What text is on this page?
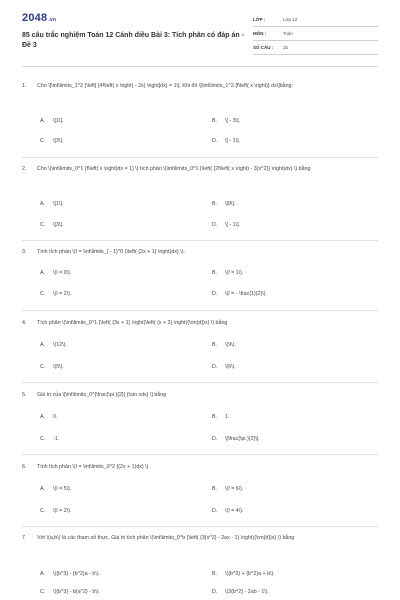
2048.vn
85 câu trắc nghiệm Toán 12 Cánh diều Bài 3: Tích phân có đáp án - Đề 3
LỚP :	Lớp 12
MÔN :	Toán
SỐ CÂU :	25
1.	Cho \[\int\limits_1^2 {\left[ {4f\left( x \right) - 2x} \right]dx} = 1\]. Khi đó \[\int\limits_1^2 {f\left( x \right)} dx\]bằng:
A.	\[1\].	B.	\[ - 3\].
C.	\[3\].	D.	\[ - 1\].
2.	Cho \(\int\limits_0^1 {f\left( x \right)dx = 1} \) tích phân \(\int\limits_0^1 {\left( {2f\left( x \right) - 3{x^2}} \right)dx} \) bằng
A.	\[1\].	B.	\[0\].
C.	\[3\].	D.	\[ - 1\].
3.	Tính tích phân \(I = \int\limits_{ - 1}^0 {\left( {2x + 1} \right)dx} \).
A.	\(I = 0\).	B.	\(I = 1\).
C.	\(I = 2\).	D.	\(I = - \frac{1}{2}\).
4.	Tích phân \(\int\limits_0^1 {\left( {3x + 1} \right)\left( {x + 3} \right){\rm{d}}x} \) bằng
A.	\(12\).	B.	\(9\).
C.	\(5\).	D.	\(6\).
5.	Giá trị của \[\int\limits_0^{\frac{\pi }{2}} {\sin xdx} \] bằng
A.	0.	B.	1.
C.	-1.	D.	\[\frac{\pi }{2}\].
6.	Tính tích phân \(I = \int\limits_0^2 {(2x + 1)dx} \)
A.	\(I = 5\).	B.	\(I = 6\).
C.	\(I = 2\).	D.	\(I = 4\).
7.	Với \(a,b\) là các tham số thực. Giá trị tích phân \(\int\limits_0^b {\left( {3{x^2} - 2ax - 1} \right){\rm{d}}x} \) bằng
A.	\({b^3} - {b^2}a - b\).	B.	\({b^3} + {b^2}a + b\).
C.	\({b^3} - b{a^2} - b\).	D.	\(3{b^2} - 2ab - 1\).
